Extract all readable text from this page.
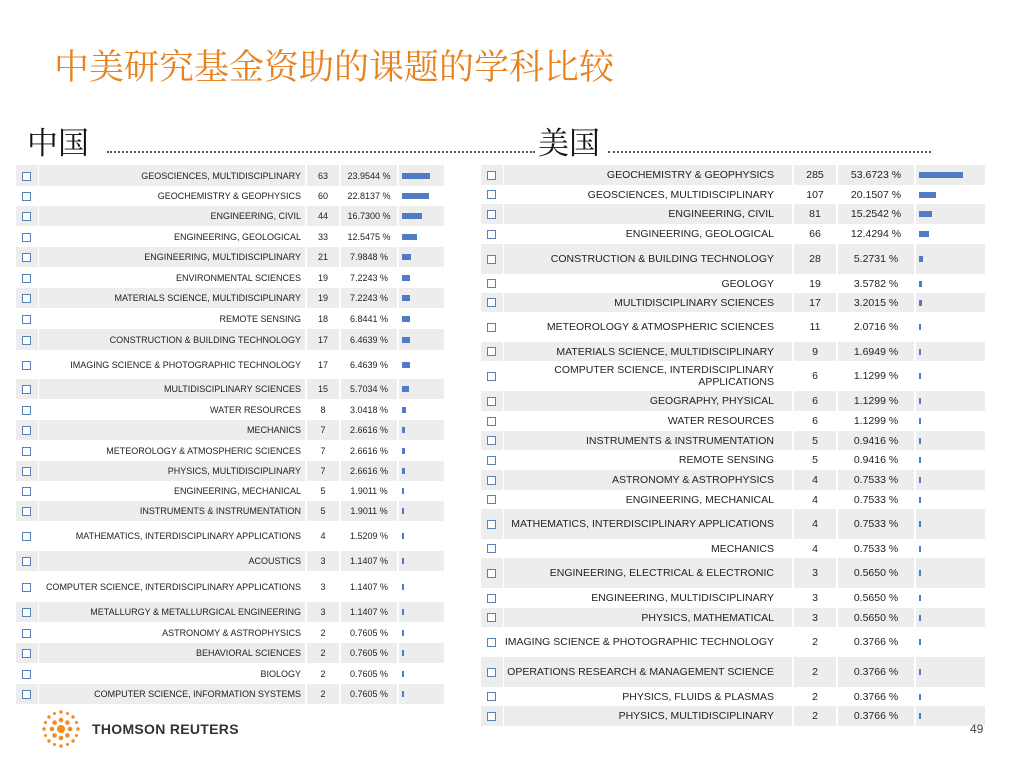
中美研究基金资助的课题的学科比较
中国	美国
	GEOSCIENCES, MULTIDISCIPLINARY	63	23.9544 %	

	GEOCHEMISTRY & GEOPHYSICS	60	22.8137 %	

	ENGINEERING, CIVIL	44	16.7300 %	

	ENGINEERING, GEOLOGICAL	33	12.5475 %	

	ENGINEERING, MULTIDISCIPLINARY	21	7.9848 %	

	ENVIRONMENTAL SCIENCES	19	7.2243 %	

	MATERIALS SCIENCE, MULTIDISCIPLINARY	19	7.2243 %	

	REMOTE SENSING	18	6.8441 %	

	CONSTRUCTION & BUILDING TECHNOLOGY	17	6.4639 %	

	IMAGING SCIENCE & PHOTOGRAPHIC TECHNOLOGY	17	6.4639 %	

	MULTIDISCIPLINARY SCIENCES	15	5.7034 %	

	WATER RESOURCES	8	3.0418 %	

	MECHANICS	7	2.6616 %	

	METEOROLOGY & ATMOSPHERIC SCIENCES	7	2.6616 %	

	PHYSICS, MULTIDISCIPLINARY	7	2.6616 %	

	ENGINEERING, MECHANICAL	5	1.9011 %	

	INSTRUMENTS & INSTRUMENTATION	5	1.9011 %	

	MATHEMATICS, INTERDISCIPLINARY APPLICATIONS	4	1.5209 %	

	ACOUSTICS	3	1.1407 %	

	COMPUTER SCIENCE, INTERDISCIPLINARY APPLICATIONS	3	1.1407 %	

	METALLURGY & METALLURGICAL ENGINEERING	3	1.1407 %	

	ASTRONOMY & ASTROPHYSICS	2	0.7605 %	

	BEHAVIORAL SCIENCES	2	0.7605 %	

	BIOLOGY	2	0.7605 %	

	COMPUTER SCIENCE, INFORMATION SYSTEMS	2	0.7605 %	
	GEOCHEMISTRY & GEOPHYSICS	285	53.6723 %	

	GEOSCIENCES, MULTIDISCIPLINARY	107	20.1507 %	

	ENGINEERING, CIVIL	81	15.2542 %	

	ENGINEERING, GEOLOGICAL	66	12.4294 %	

	CONSTRUCTION & BUILDING TECHNOLOGY	28	5.2731 %	

	GEOLOGY	19	3.5782 %	

	MULTIDISCIPLINARY SCIENCES	17	3.2015 %	

	METEOROLOGY & ATMOSPHERIC SCIENCES	11	2.0716 %	

	MATERIALS SCIENCE, MULTIDISCIPLINARY	9	1.6949 %	

	COMPUTER SCIENCE, INTERDISCIPLINARY APPLICATIONS	6	1.1299 %	

	GEOGRAPHY, PHYSICAL	6	1.1299 %	

	WATER RESOURCES	6	1.1299 %	

	INSTRUMENTS & INSTRUMENTATION	5	0.9416 %	

	REMOTE SENSING	5	0.9416 %	

	ASTRONOMY & ASTROPHYSICS	4	0.7533 %	

	ENGINEERING, MECHANICAL	4	0.7533 %	

	MATHEMATICS, INTERDISCIPLINARY APPLICATIONS	4	0.7533 %	

	MECHANICS	4	0.7533 %	

	ENGINEERING, ELECTRICAL & ELECTRONIC	3	0.5650 %	

	ENGINEERING, MULTIDISCIPLINARY	3	0.5650 %	

	PHYSICS, MATHEMATICAL	3	0.5650 %	

	IMAGING SCIENCE & PHOTOGRAPHIC TECHNOLOGY	2	0.3766 %	

	OPERATIONS RESEARCH & MANAGEMENT SCIENCE	2	0.3766 %	

	PHYSICS, FLUIDS & PLASMAS	2	0.3766 %	

	PHYSICS, MULTIDISCIPLINARY	2	0.3766 %	
THOMSON REUTERS	49
